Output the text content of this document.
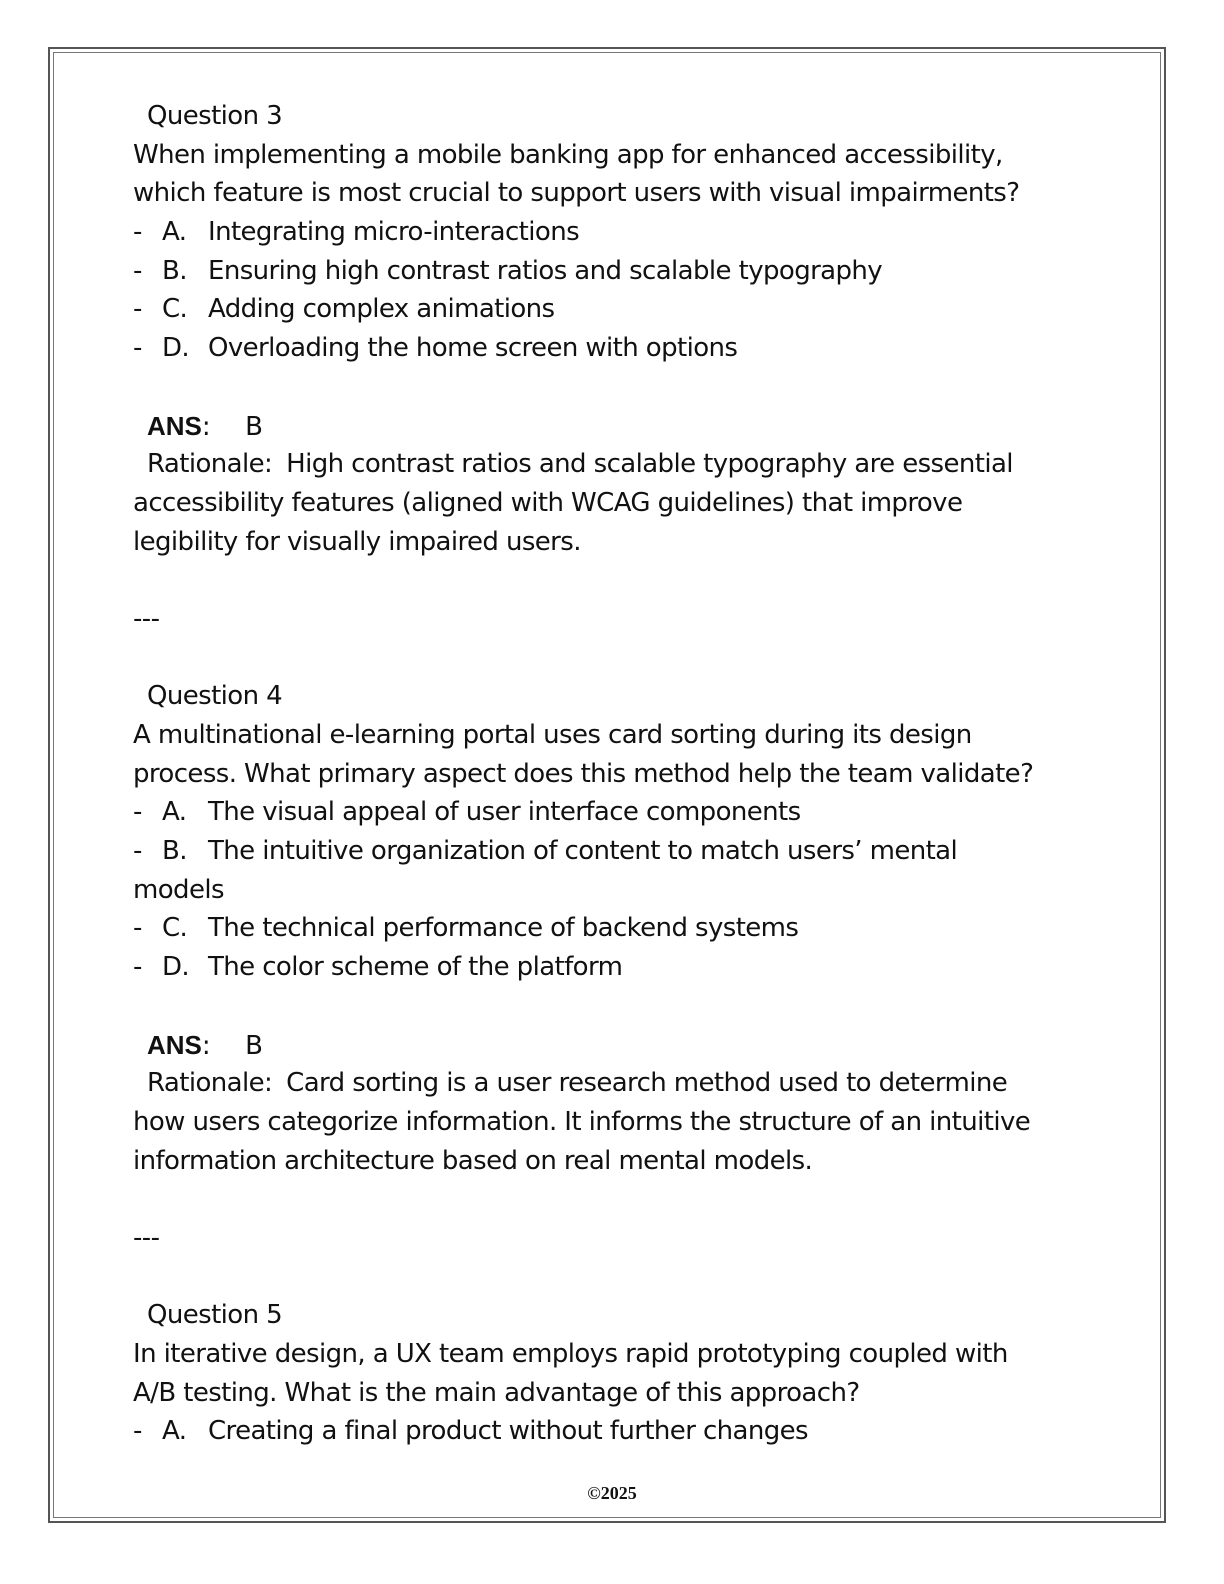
Question 3
When implementing a mobile banking app for enhanced accessibility,
which feature is most crucial to support users with visual impairments?
- A. Integrating micro-interactions
- B. Ensuring high contrast ratios and scalable typography
- C. Adding complex animations
- D. Overloading the home screen with options
ANS: B
Rationale: High contrast ratios and scalable typography are essential
accessibility features (aligned with WCAG guidelines) that improve
legibility for visually impaired users.
---
Question 4
A multinational e-learning portal uses card sorting during its design
process. What primary aspect does this method help the team validate?
- A. The visual appeal of user interface components
- B. The intuitive organization of content to match users’ mental
models
- C. The technical performance of backend systems
- D. The color scheme of the platform
ANS: B
Rationale: Card sorting is a user research method used to determine
how users categorize information. It informs the structure of an intuitive
information architecture based on real mental models.
---
Question 5
In iterative design, a UX team employs rapid prototyping coupled with
A/B testing. What is the main advantage of this approach?
- A. Creating a final product without further changes
©2025
